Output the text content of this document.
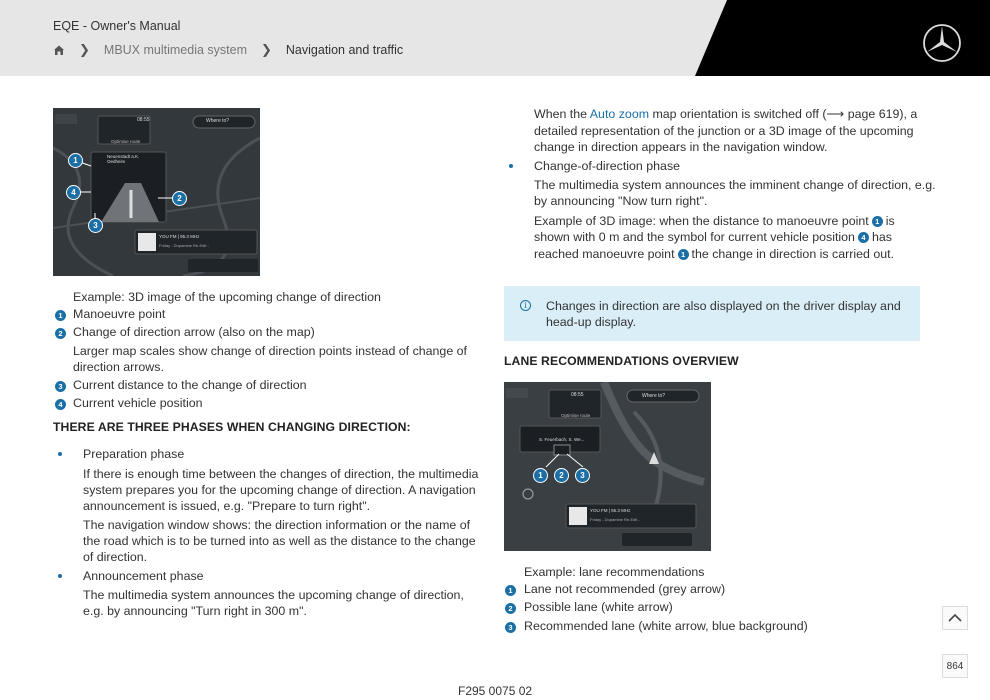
EQE - Owner's Manual
❯ MBUX multimedia system ❯ Navigation and traffic
08:55	Where to?
Optimise route
Neuenstadt a.K. Oedheim
YOU FM | 95.3 MHz
Friday - Dopamine Re-Edit -
1
2
3
4
Example: 3D image of the upcoming change of direction
1 Manoeuvre point
2 Change of direction arrow (also on the map)
Larger map scales show change of direction points instead of change of
direction arrows.
3 Current distance to the change of direction
4 Current vehicle position
THERE ARE THREE PHASES WHEN CHANGING DIRECTION:
Preparation phase
If there is enough time between the changes of direction, the multimedia
system prepares you for the upcoming change of direction. A navigation
announcement is issued, e.g. "Prepare to turn right".
The navigation window shows: the direction information or the name of
the road which is to be turned into as well as the distance to the change
of direction.
Announcement phase
The multimedia system announces the upcoming change of direction,
e.g. by announcing "Turn right in 300 m".
When the Auto zoom map orientation is switched off (⟶ page 619), a
detailed representation of the junction or a 3D image of the upcoming
change in direction appears in the navigation window.
Change-of-direction phase
The multimedia system announces the imminent change of direction, e.g.
by announcing "Now turn right".
Example of 3D image: when the distance to manoeuvre point 1 is
shown with 0 m and the symbol for current vehicle position 4 has
reached manoeuvre point 1 the change in direction is carried out.
i	Changes in direction are also displayed on the driver display and
head-up display.
LANE RECOMMENDATIONS OVERVIEW
08:55	Where to?
Optimise route
S. Feuerbach, S. We...
YOU FM | 95.3 MHz
Friday - Dopamine Re-Edit -
1	2	3
Example: lane recommendations
1 Lane not recommended (grey arrow)
2 Possible lane (white arrow)
3 Recommended lane (white arrow, blue background)
F295 0075 02
864
